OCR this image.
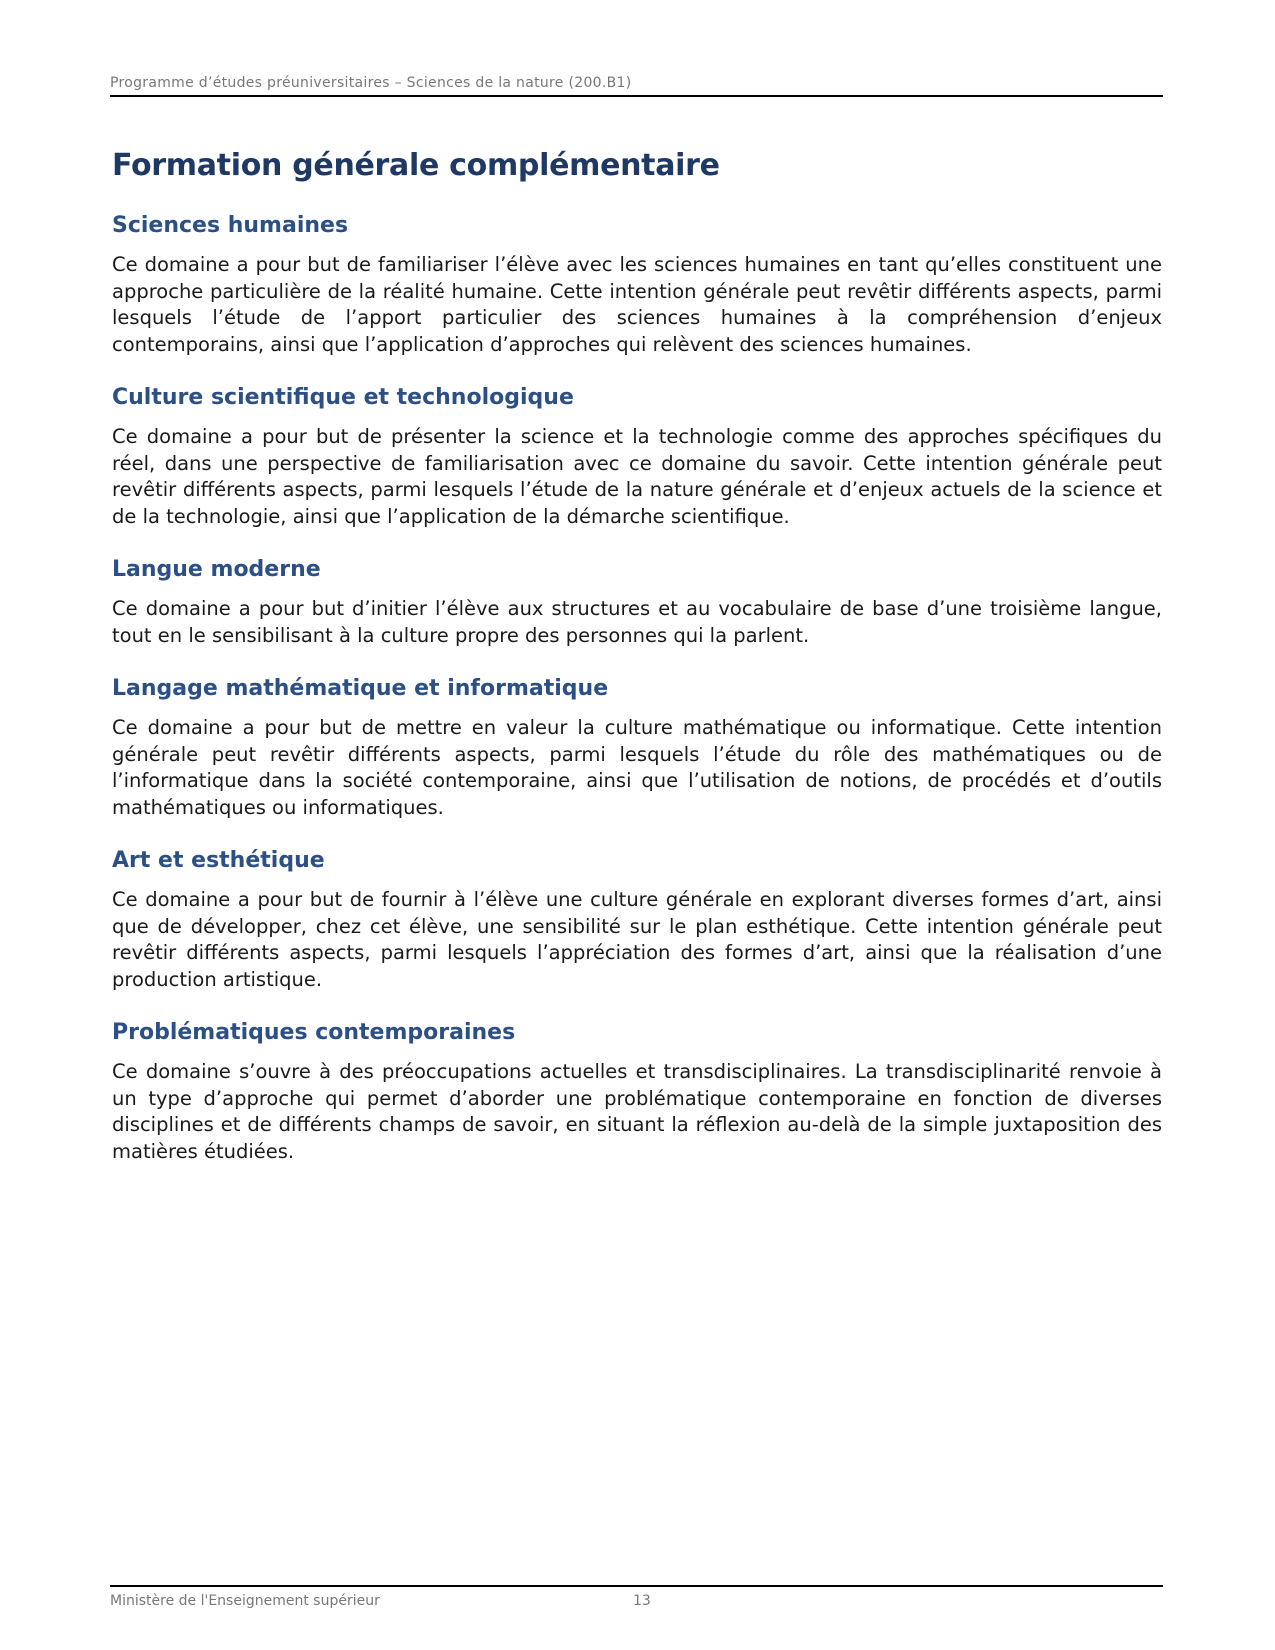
Programme d’études préuniversitaires – Sciences de la nature (200.B1)
Formation générale complémentaire
Sciences humaines

Ce domaine a pour but de familiariser l’élève avec les sciences humaines en tant qu’elles constituent une approche particulière de la réalité humaine. Cette intention générale peut revêtir différents aspects, parmi lesquels l’étude de l’apport particulier des sciences humaines à la compréhension d’enjeux contemporains, ainsi que l’application d’approches qui relèvent des sciences humaines.

Culture scientifique et technologique

Ce domaine a pour but de présenter la science et la technologie comme des approches spécifiques du réel, dans une perspective de familiarisation avec ce domaine du savoir. Cette intention générale peut revêtir différents aspects, parmi lesquels l’étude de la nature générale et d’enjeux actuels de la science et de la technologie, ainsi que l’application de la démarche scientifique.

Langue moderne

Ce domaine a pour but d’initier l’élève aux structures et au vocabulaire de base d’une troisième langue, tout en le sensibilisant à la culture propre des personnes qui la parlent.

Langage mathématique et informatique

Ce domaine a pour but de mettre en valeur la culture mathématique ou informatique. Cette intention générale peut revêtir différents aspects, parmi lesquels l’étude du rôle des mathématiques ou de l’informatique dans la société contemporaine, ainsi que l’utilisation de notions, de procédés et d’outils mathématiques ou informatiques.

Art et esthétique

Ce domaine a pour but de fournir à l’élève une culture générale en explorant diverses formes d’art, ainsi que de développer, chez cet élève, une sensibilité sur le plan esthétique. Cette intention générale peut revêtir différents aspects, parmi lesquels l’appréciation des formes d’art, ainsi que la réalisation d’une production artistique.

Problématiques contemporaines

Ce domaine s’ouvre à des préoccupations actuelles et transdisciplinaires. La transdisciplinarité renvoie à un type d’approche qui permet d’aborder une problématique contemporaine en fonction de diverses disciplines et de différents champs de savoir, en situant la réflexion au-delà de la simple juxtaposition des matières étudiées.

Ministère de l'Enseignement supérieur	13
